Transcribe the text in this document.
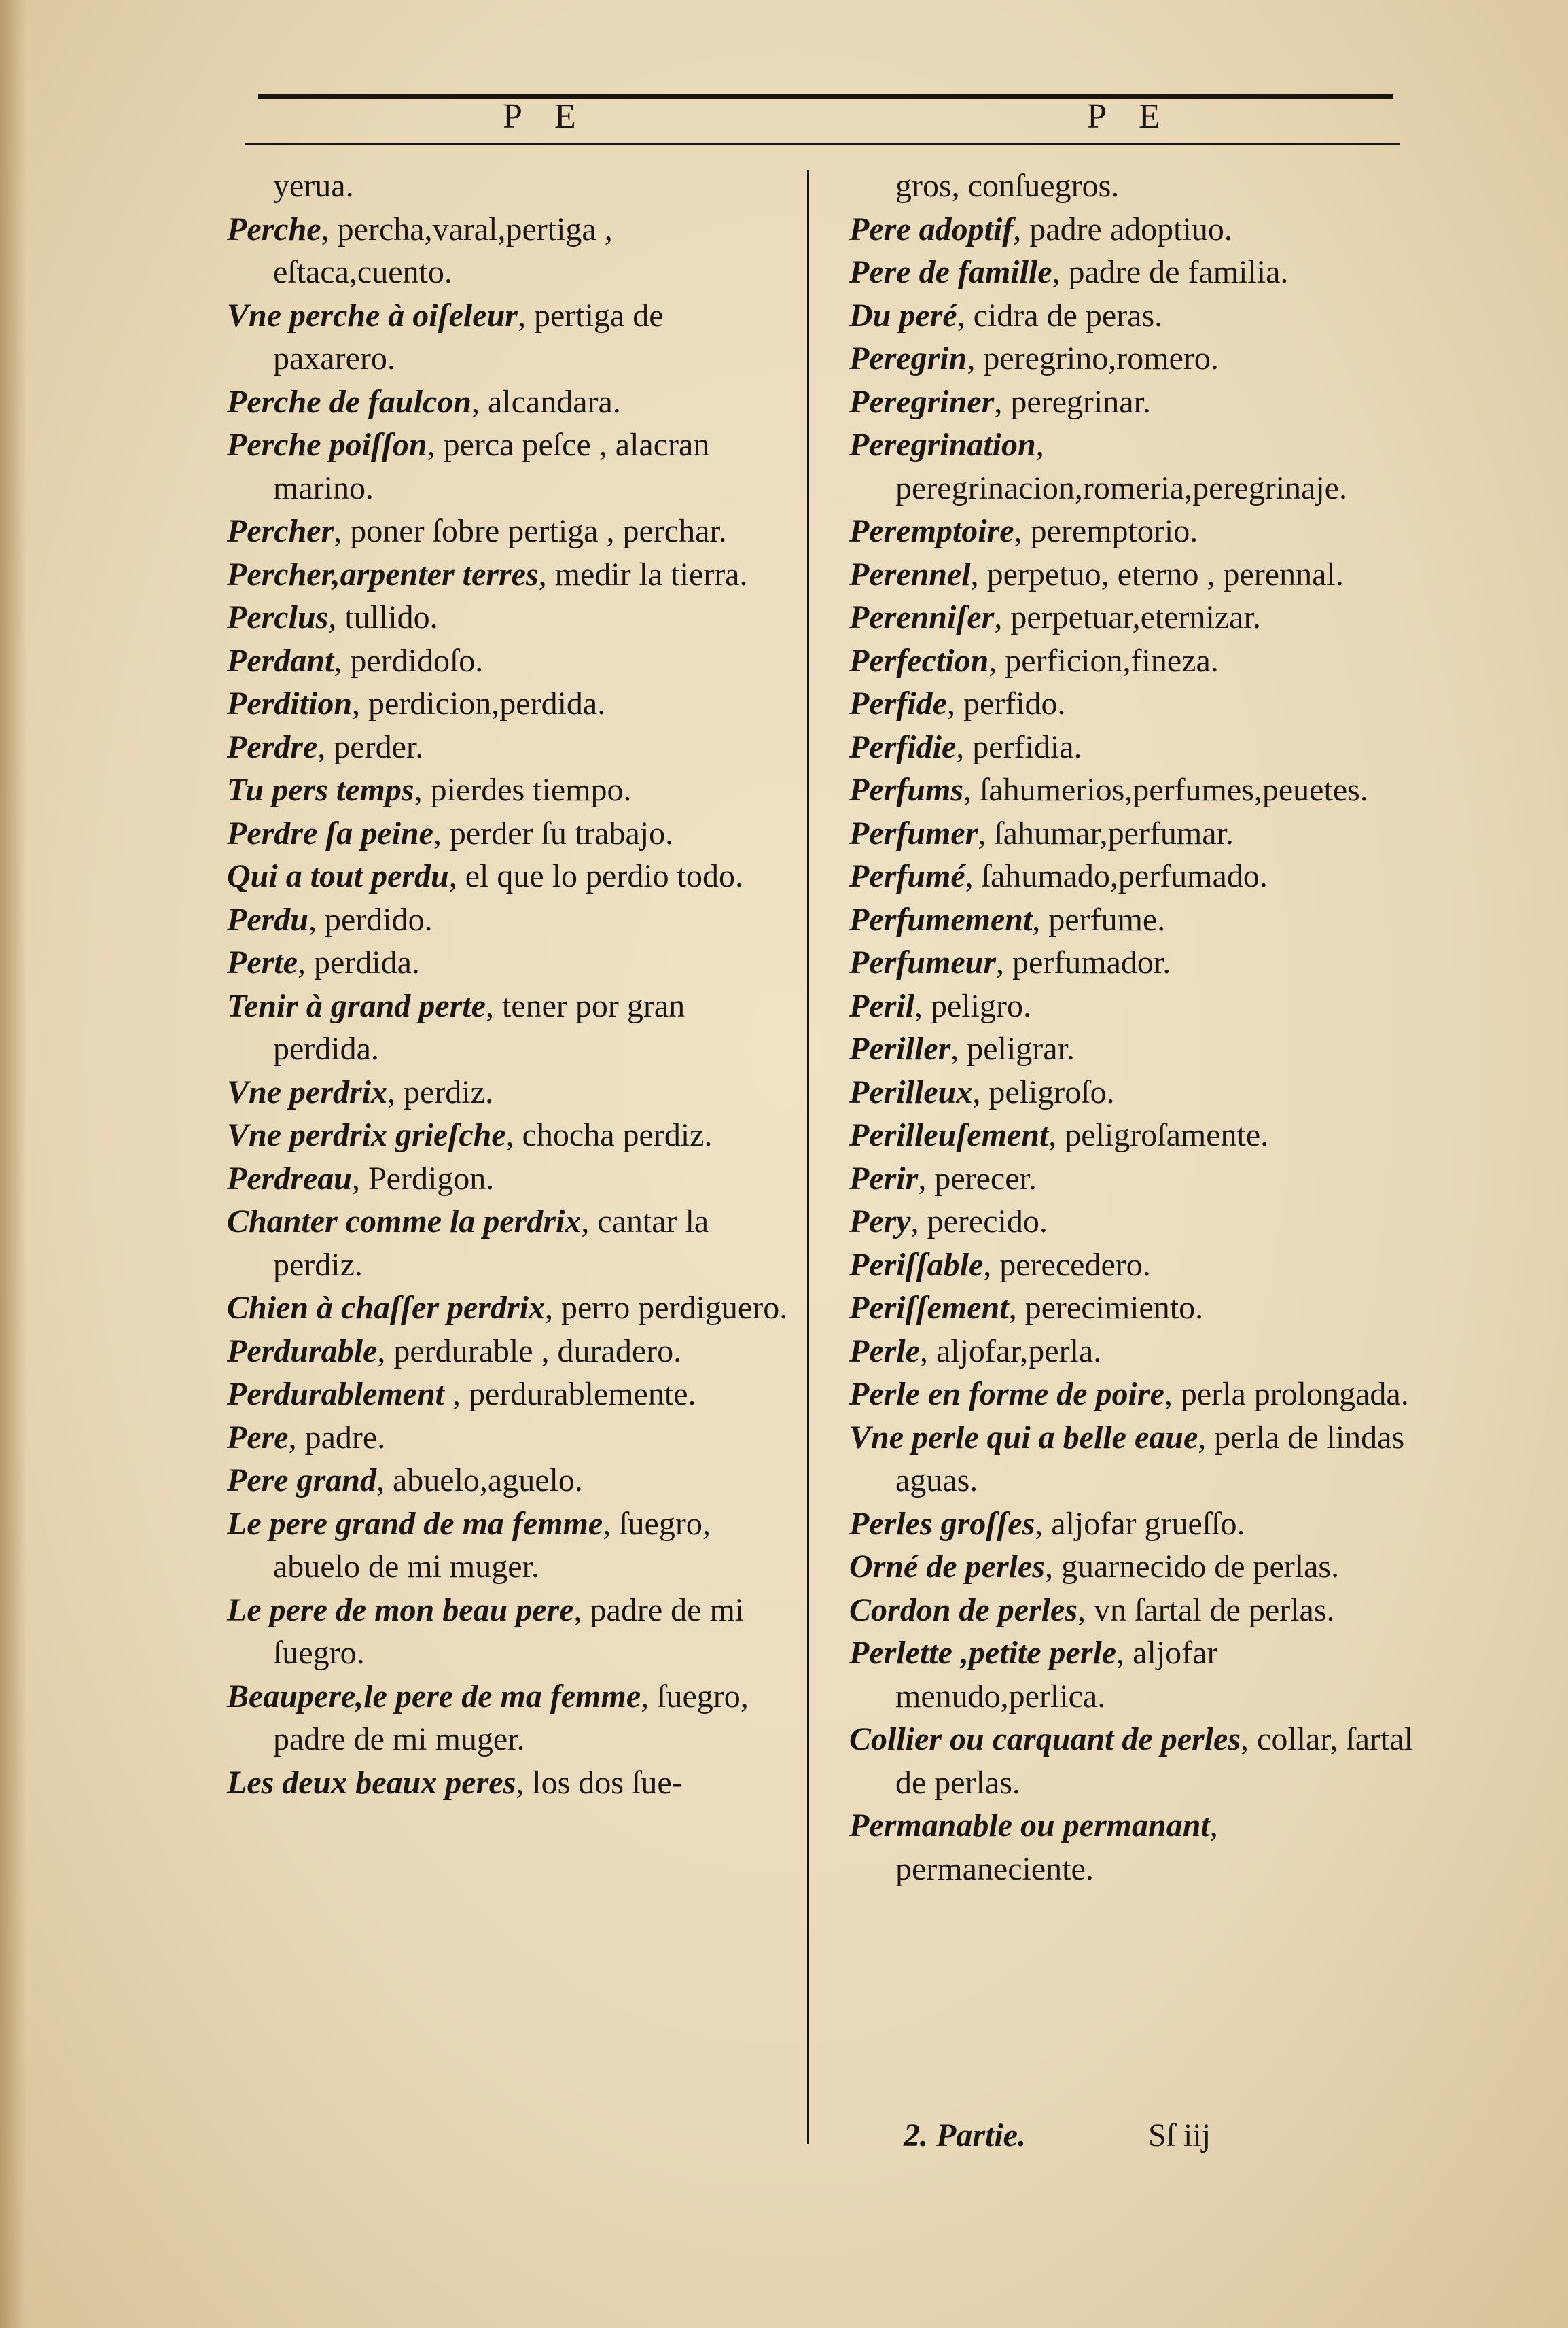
P E	P E

yerua.

Perche, percha,varal,pertiga , eſtaca,cuento.

Vne perche à oiſeleur, pertiga de paxarero.

Perche de faulcon, alcandara.

Perche poiſſon, perca peſce , alacran marino.

Percher, poner ſobre pertiga , perchar.

Percher,arpenter terres, medir la tierra.

Perclus, tullido.

Perdant, perdidoſo.

Perdition, perdicion,perdida.

Perdre, perder.

Tu pers temps, pierdes tiempo.

Perdre ſa peine, perder ſu trabajo.

Qui a tout perdu, el que lo perdio todo.

Perdu, perdido.

Perte, perdida.

Tenir à grand perte, tener por gran perdida.

Vne perdrix, perdiz.

Vne perdrix grieſche, chocha perdiz.

Perdreau, Perdigon.

Chanter comme la perdrix, cantar la perdiz.

Chien à chaſſer perdrix, perro perdiguero.

Perdurable, perdurable , duradero.

Perdurablement , perdurablemente.

Pere, padre.

Pere grand, abuelo,aguelo.

Le pere grand de ma femme, ſuegro, abuelo de mi muger.

Le pere de mon beau pere, padre de mi ſuegro.

Beaupere,le pere de ma femme, ſuegro, padre de mi muger.

Les deux beaux peres, los dos ſue-

gros, conſuegros.

Pere adoptif, padre adoptiuo.

Pere de famille, padre de familia.

Du peré, cidra de peras.

Peregrin, peregrino,romero.

Peregriner, peregrinar.

Peregrination, peregrinacion,romeria,peregrinaje.

Peremptoire, peremptorio.

Perennel, perpetuo, eterno , perennal.

Perenniſer, perpetuar,eternizar.

Perfection, perficion,fineza.

Perfide, perfido.

Perfidie, perfidia.

Perfums, ſahumerios,perfumes,peuetes.

Perfumer, ſahumar,perfumar.

Perfumé, ſahumado,perfumado.

Perfumement, perfume.

Perfumeur, perfumador.

Peril, peligro.

Periller, peligrar.

Perilleux, peligroſo.

Perilleuſement, peligroſamente.

Perir, perecer.

Pery, perecido.

Periſſable, perecedero.

Periſſement, perecimiento.

Perle, aljofar,perla.

Perle en forme de poire, perla prolongada.

Vne perle qui a belle eaue, perla de lindas aguas.

Perles groſſes, aljofar grueſſo.

Orné de perles, guarnecido de perlas.

Cordon de perles, vn ſartal de perlas.

Perlette ,petite perle, aljofar menudo,perlica.

Collier ou carquant de perles, collar, ſartal de perlas.

Permanable ou permanant, permaneciente.

2. Partie.	Sſ iij
